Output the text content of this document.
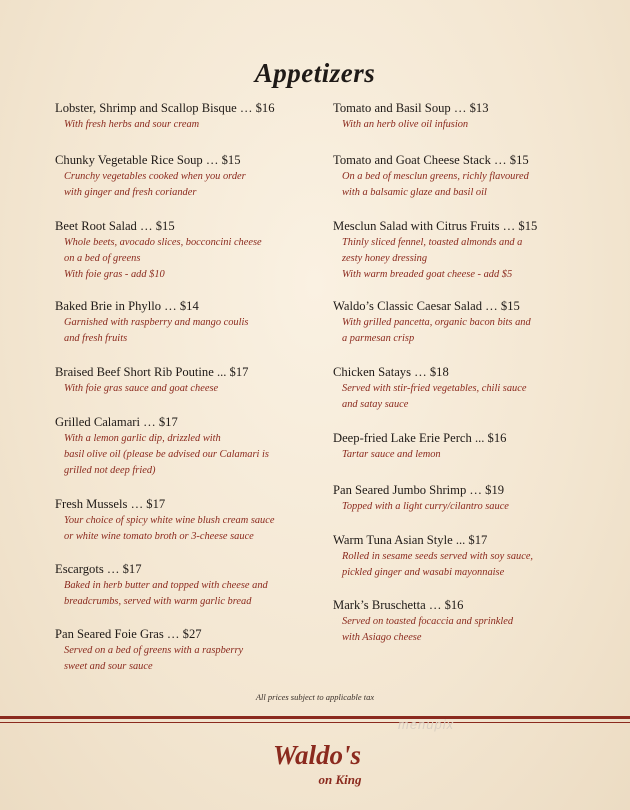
Appetizers
Lobster, Shrimp and Scallop Bisque … $16
With fresh herbs and sour cream
Chunky Vegetable Rice Soup … $15
Crunchy vegetables cooked when you order
with ginger and fresh coriander
Beet Root Salad … $15
Whole beets, avocado slices, bocconcini cheese
on a bed of greens
With foie gras - add $10
Baked Brie in Phyllo … $14
Garnished with raspberry and mango coulis
and fresh fruits
Braised Beef Short Rib Poutine ... $17
With foie gras sauce and goat cheese
Grilled Calamari … $17
With a lemon garlic dip, drizzled with
basil olive oil (please be advised our Calamari is
grilled not deep fried)
Fresh Mussels … $17
Your choice of spicy white wine blush cream sauce
or white wine tomato broth or 3-cheese sauce
Escargots … $17
Baked in herb butter and topped with cheese and
breadcrumbs, served with warm garlic bread
Pan Seared Foie Gras … $27
Served on a bed of greens with a raspberry
sweet and sour sauce
Tomato and Basil Soup … $13
With an herb olive oil infusion
Tomato and Goat Cheese Stack … $15
On a bed of mesclun greens, richly flavoured
with a balsamic glaze and basil oil
Mesclun Salad with Citrus Fruits … $15
Thinly sliced fennel, toasted almonds and a
zesty honey dressing
With warm breaded goat cheese - add $5
Waldo’s Classic Caesar Salad … $15
With grilled pancetta, organic bacon bits and
a parmesan crisp
Chicken Satays … $18
Served with stir-fried vegetables, chili sauce
and satay sauce
Deep-fried Lake Erie Perch ... $16
Tartar sauce and lemon
Pan Seared Jumbo Shrimp … $19
Topped with a light curry/cilantro sauce
Warm Tuna Asian Style ... $17
Rolled in sesame seeds served with soy sauce,
pickled ginger and wasabi mayonnaise
Mark’s Bruschetta … $16
Served on toasted focaccia and sprinkled
with Asiago cheese
All prices subject to applicable tax
menupix
Waldo's
on King
